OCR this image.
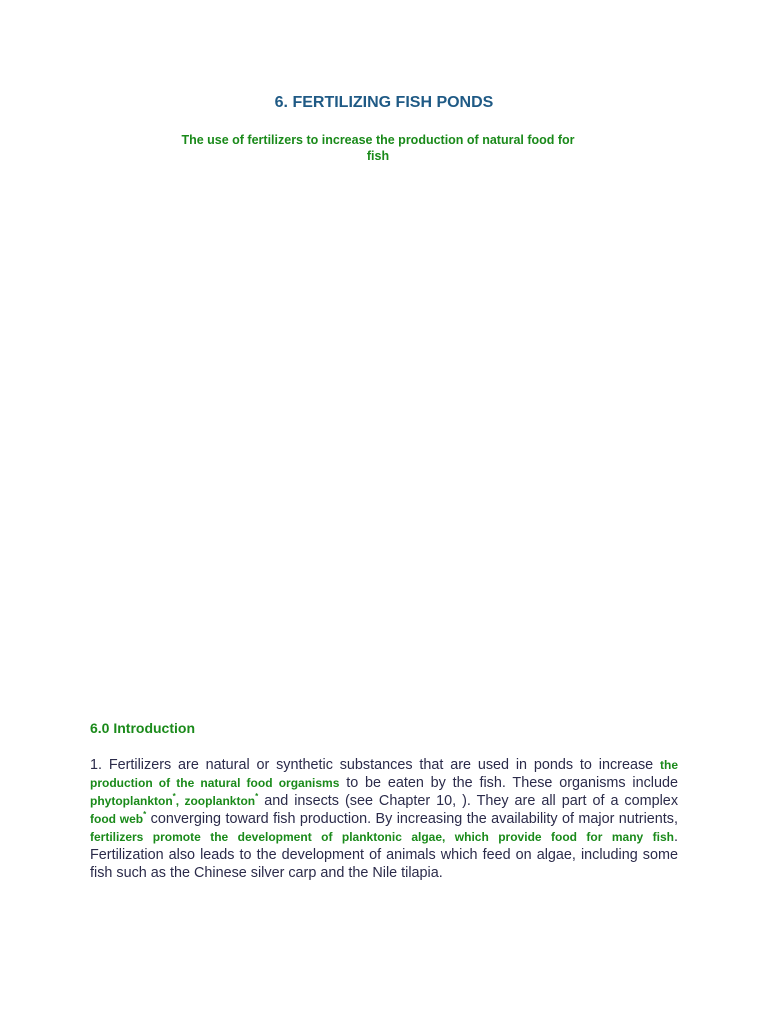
6. FERTILIZING FISH PONDS

The use of fertilizers to increase the production of natural food for fish

6.0 Introduction

1. Fertilizers are natural or synthetic substances that are used in ponds to increase the production of the natural food organisms to be eaten by the fish. These organisms include phytoplankton*, zooplankton* and insects (see Chapter 10, ). They are all part of a complex food web* converging toward fish production. By increasing the availability of major nutrients, fertilizers promote the development of planktonic algae, which provide food for many fish. Fertilization also leads to the development of animals which feed on algae, including some fish such as the Chinese silver carp and the Nile tilapia.
